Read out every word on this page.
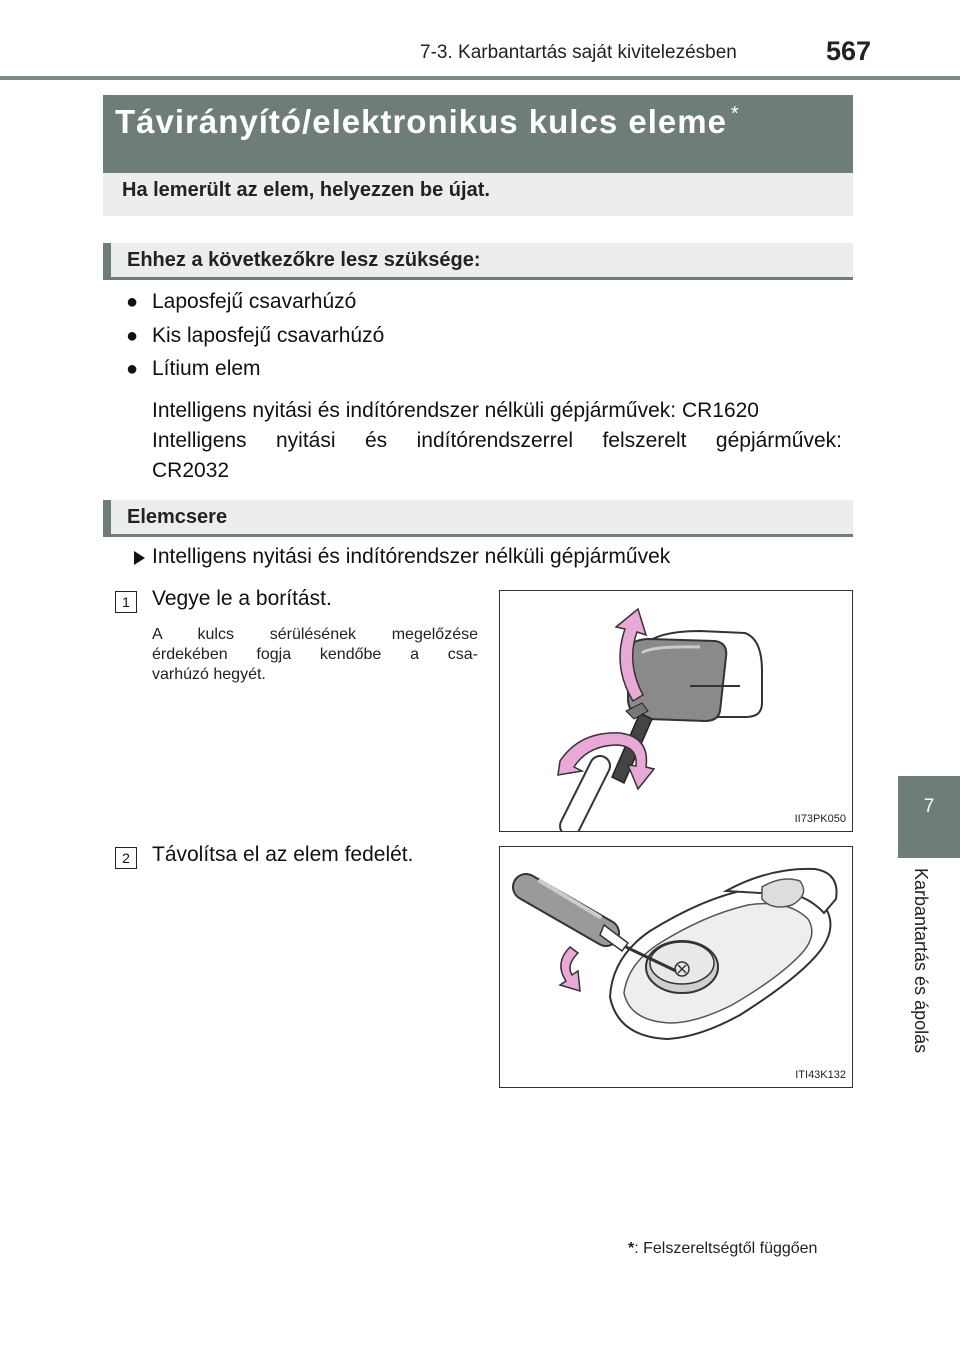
7-3. Karbantartás saját kivitelezésben	567
7
Karbantartás és ápolás
Távirányító/elektronikus kulcs eleme *
Ha lemerült az elem, helyezzen be újat.
Ehhez a következőkre lesz szüksége:
● Laposfejű csavarhúzó
● Kis laposfejű csavarhúzó
● Lítium elem
Intelligens nyitási és indítórendszer nélküli gépjárművek: CR1620
Intelligens nyitási és indítórendszerrel felszerelt gépjárművek:
CR2032
Elemcsere
Intelligens nyitási és indítórendszer nélküli gépjárművek
1	Vegye le a borítást.
A kulcs sérülésének megelőzése
érdekében fogja kendőbe a csa-
varhúzó hegyét.
II73PK050
2	Távolítsa el az elem fedelét.
ITI43K132
*: Felszereltségtől függően
